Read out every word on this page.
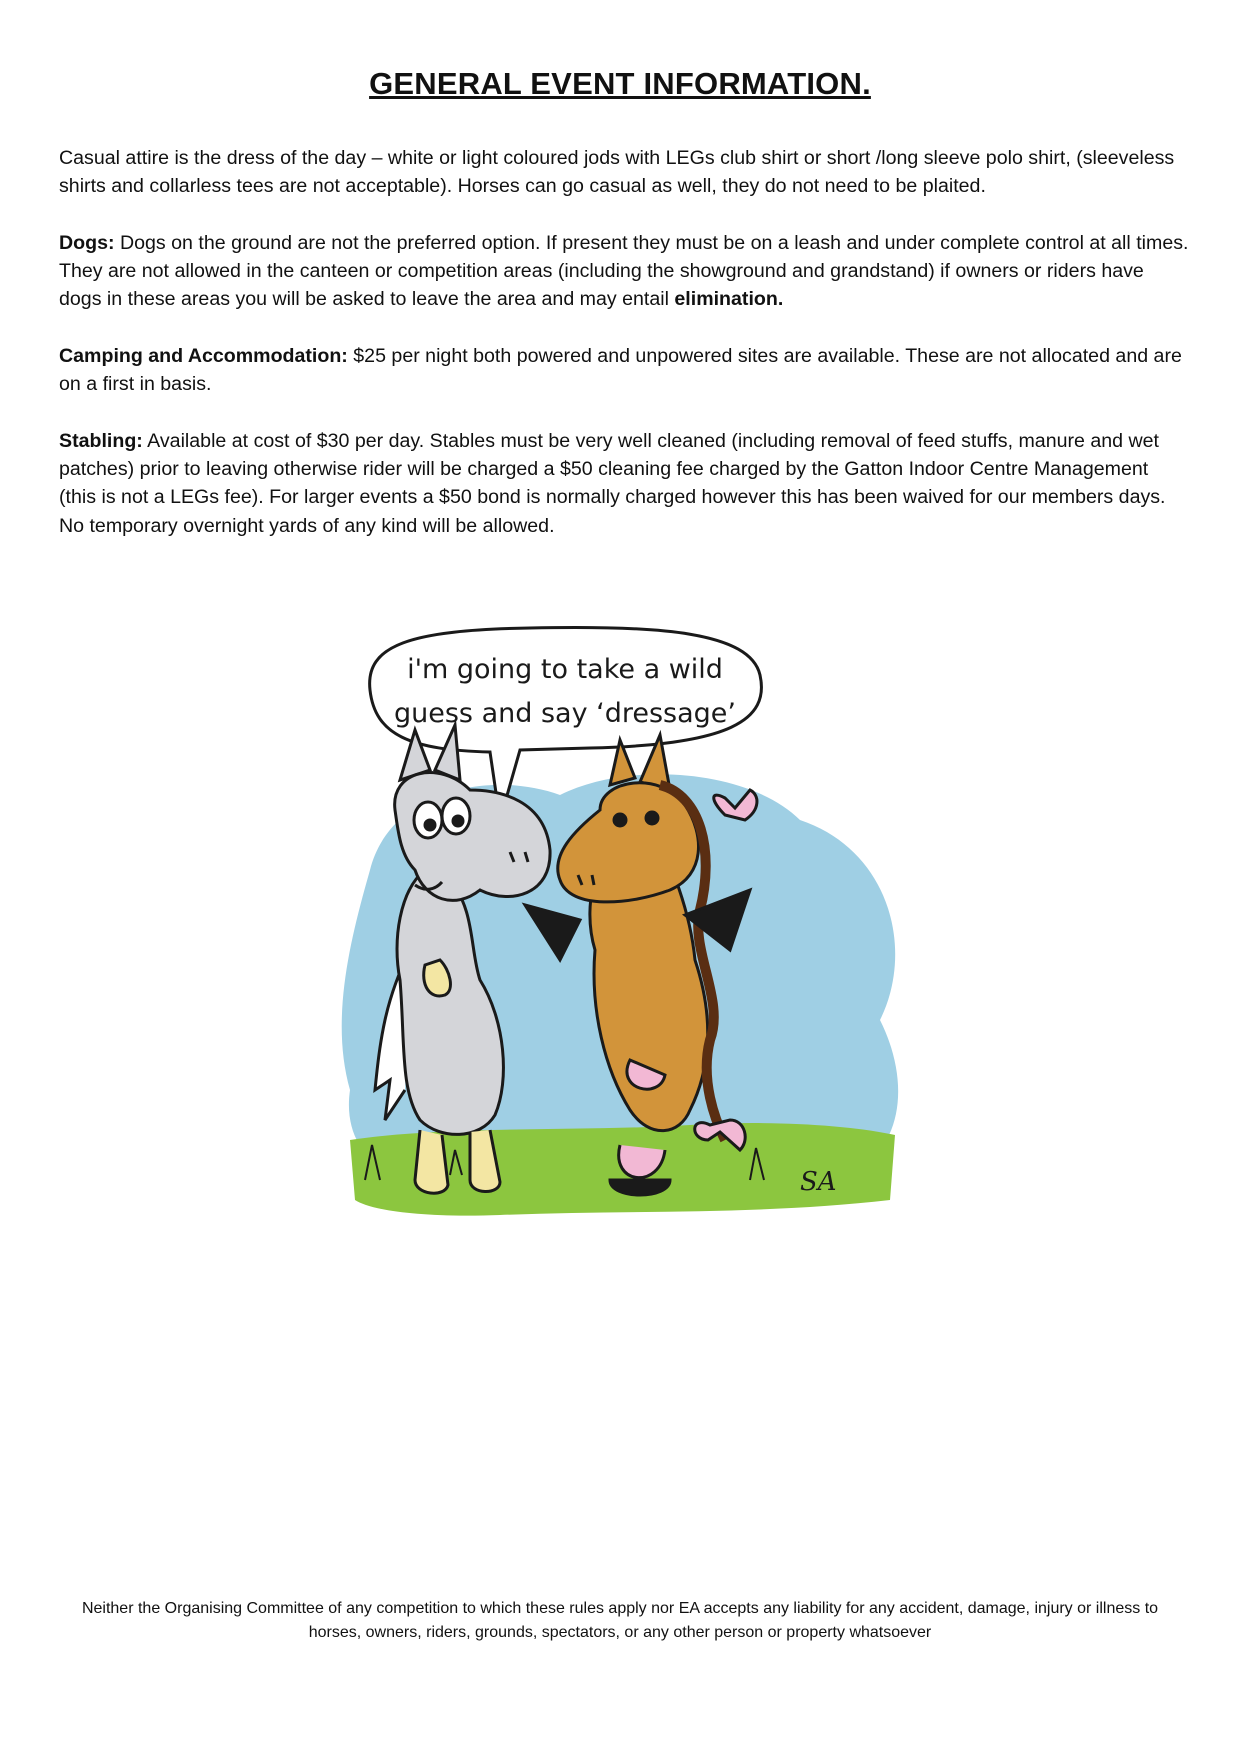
GENERAL EVENT INFORMATION.

Casual attire is the dress of the day – white or light coloured jods with LEGs club shirt or short /long sleeve polo shirt, (sleeveless shirts and collarless tees are not acceptable). Horses can go casual as well, they do not need to be plaited.

Dogs: Dogs on the ground are not the preferred option. If present they must be on a leash and under complete control at all times. They are not allowed in the canteen or competition areas (including the showground and grandstand) if owners or riders have dogs in these areas you will be asked to leave the area and may entail elimination.

Camping and Accommodation: $25 per night both powered and unpowered sites are available. These are not allocated and are on a first in basis.

Stabling: Available at cost of $30 per day. Stables must be very well cleaned (including removal of feed stuffs, manure and wet patches) prior to leaving otherwise rider will be charged a $50 cleaning fee charged by the Gatton Indoor Centre Management (this is not a LEGs fee). For larger events a $50 bond is normally charged however this has been waived for our members days. No temporary overnight yards of any kind will be allowed.

i'm going to take a wild
guess and say ‘dressage’
SA
Neither the Organising Committee of any competition to which these rules apply nor EA accepts any liability for any accident, damage, injury or illness to horses, owners, riders, grounds, spectators, or any other person or property whatsoever
